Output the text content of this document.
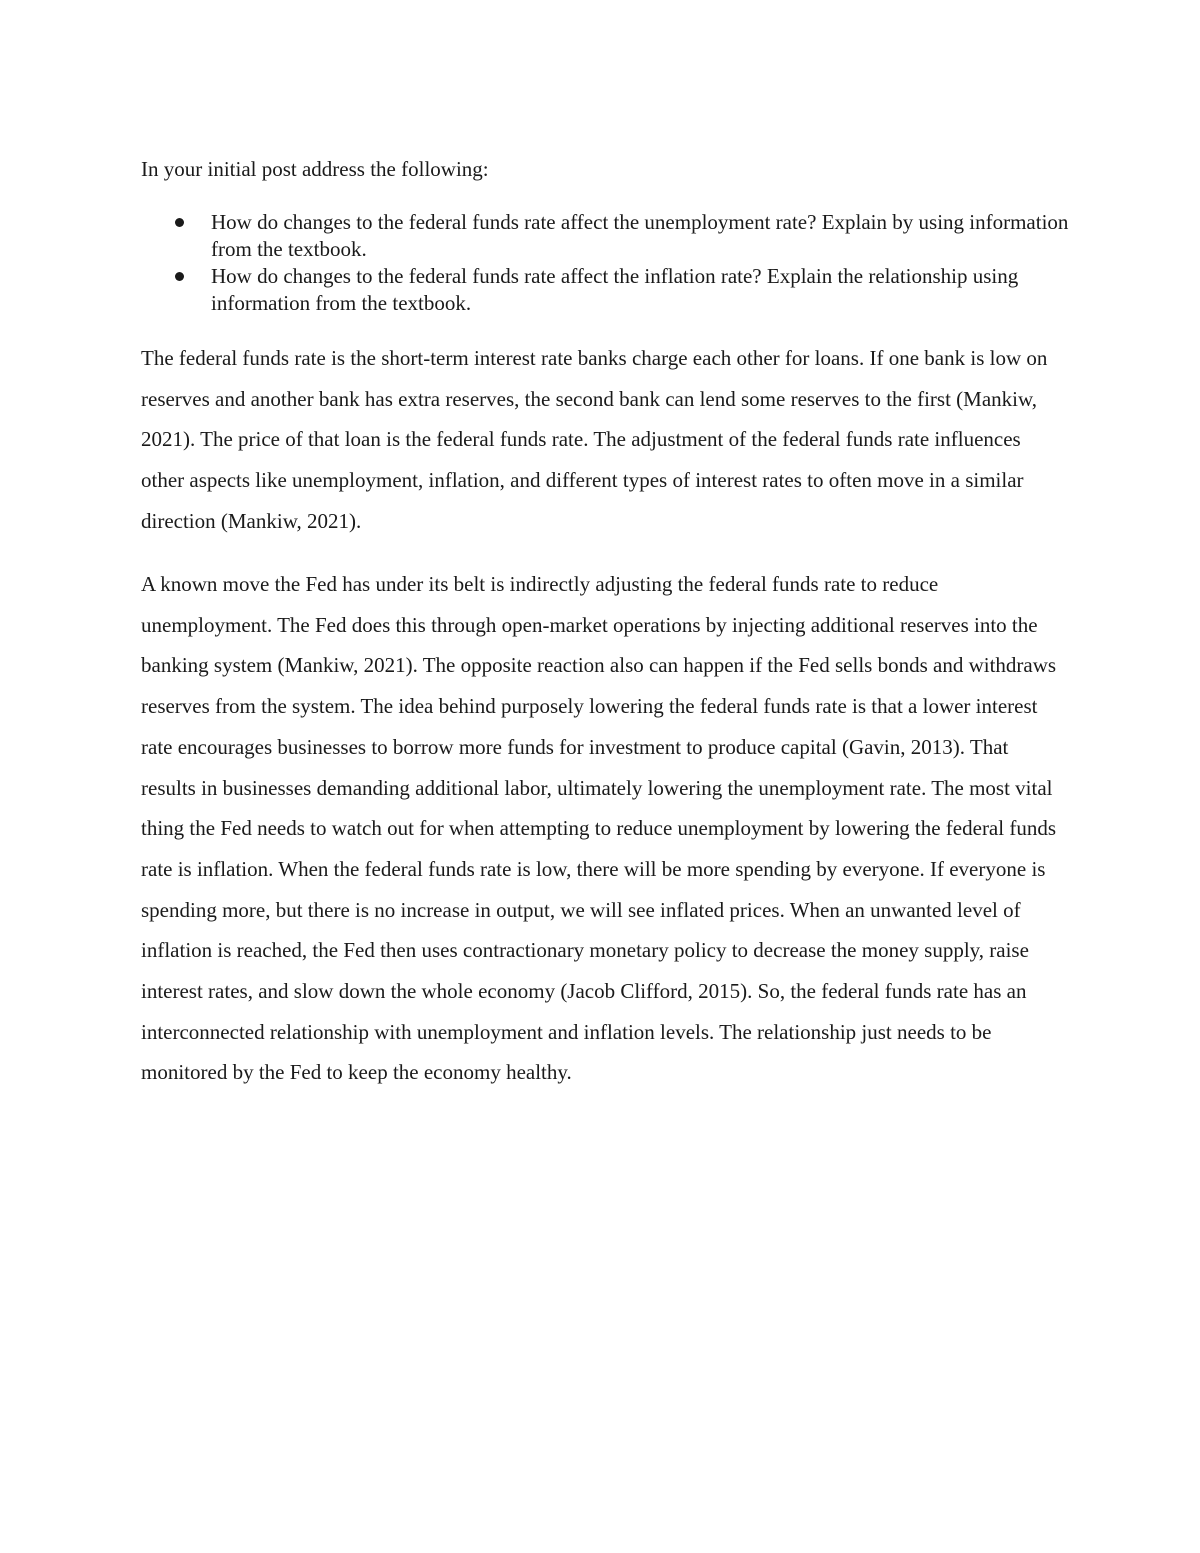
In your initial post address the following:

How do changes to the federal funds rate affect the unemployment rate? Explain by using information from the textbook.
How do changes to the federal funds rate affect the inflation rate? Explain the relationship using information from the textbook.

The federal funds rate is the short-term interest rate banks charge each other for loans. If one bank is low on reserves and another bank has extra reserves, the second bank can lend some reserves to the first (Mankiw, 2021). The price of that loan is the federal funds rate. The adjustment of the federal funds rate influences other aspects like unemployment, inflation, and different types of interest rates to often move in a similar direction (Mankiw, 2021).

A known move the Fed has under its belt is indirectly adjusting the federal funds rate to reduce unemployment. The Fed does this through open-market operations by injecting additional reserves into the banking system (Mankiw, 2021). The opposite reaction also can happen if the Fed sells bonds and withdraws reserves from the system. The idea behind purposely lowering the federal funds rate is that a lower interest rate encourages businesses to borrow more funds for investment to produce capital (Gavin, 2013). That results in businesses demanding additional labor, ultimately lowering the unemployment rate. The most vital thing the Fed needs to watch out for when attempting to reduce unemployment by lowering the federal funds rate is inflation. When the federal funds rate is low, there will be more spending by everyone. If everyone is spending more, but there is no increase in output, we will see inflated prices. When an unwanted level of inflation is reached, the Fed then uses contractionary monetary policy to decrease the money supply, raise interest rates, and slow down the whole economy (Jacob Clifford, 2015). So, the federal funds rate has an interconnected relationship with unemployment and inflation levels. The relationship just needs to be monitored by the Fed to keep the economy healthy.
